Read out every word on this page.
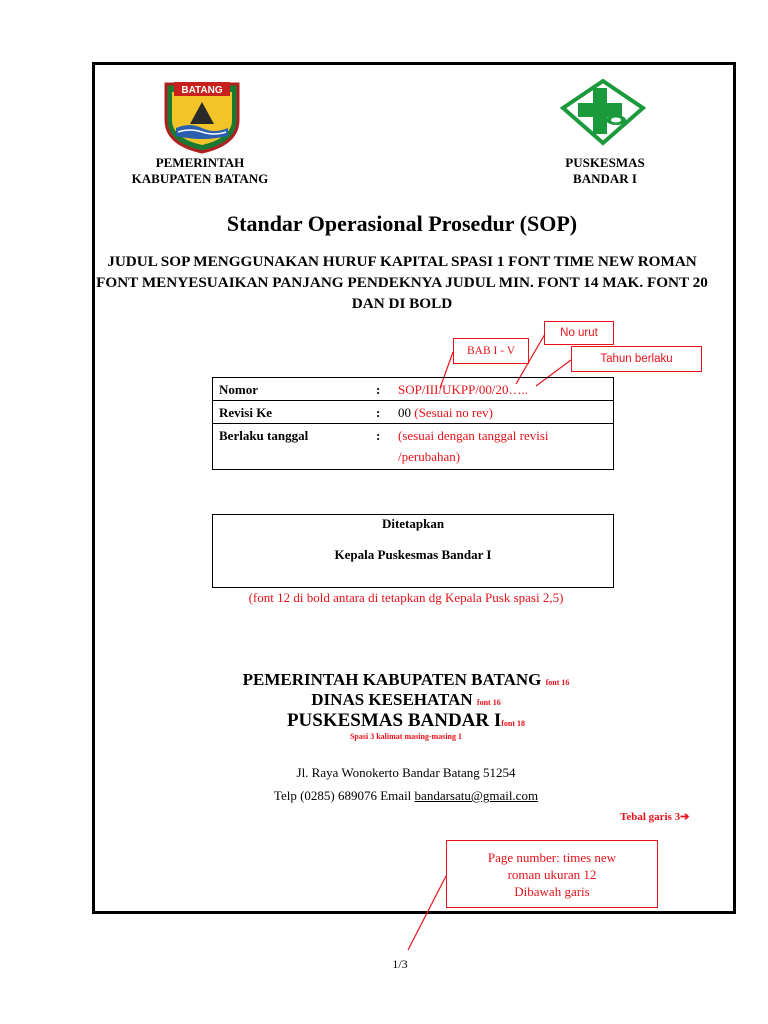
BATANG
PEMERINTAH
KABUPATEN BATANG
PUSKESMAS
BANDAR I
Standar Operasional Prosedur (SOP)
JUDUL SOP MENGGUNAKAN HURUF KAPITAL SPASI 1 FONT TIME NEW ROMAN FONT MENYESUAIKAN PANJANG PENDEKNYA JUDUL MIN. FONT 14 MAK. FONT 20 DAN DI BOLD
No urut
BAB I - V
Tahun berlaku
Nomor	:	SOP/III/UKPP/00/20…..
Revisi Ke	:	00 (Sesuai no rev)
Berlaku tanggal	:	(sesuai dengan tanggal revisi
/perubahan)
Ditetapkan
Kepala Puskesmas Bandar I
(font 12 di bold antara di tetapkan dg Kepala Pusk spasi 2,5)
PEMERINTAH KABUPATEN BATANG font 16
DINAS KESEHATAN font 16
PUSKESMAS BANDAR Ifont 18
Spasi 3 kalimat masing-masing 1
Jl. Raya Wonokerto Bandar Batang 51254
Telp (0285) 689076 Email bandarsatu@gmail.com
Tebal garis 3➔
Page number: times new
roman ukuran 12
Dibawah garis
1/3
